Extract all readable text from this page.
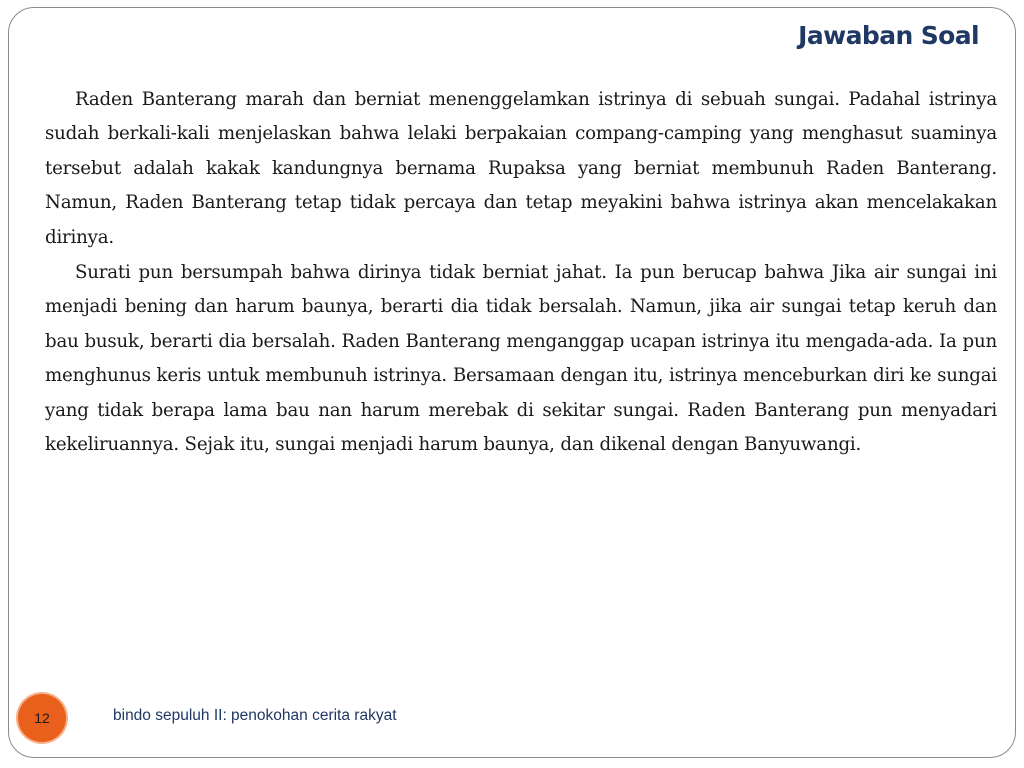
Jawaban Soal

Raden Banterang marah dan berniat menenggelamkan istrinya di sebuah sungai. Padahal istrinya sudah berkali-kali menjelaskan bahwa lelaki berpakaian compang-camping yang menghasut suaminya tersebut adalah kakak kandungnya bernama Rupaksa yang berniat membunuh Raden Banterang. Namun, Raden Banterang tetap tidak percaya dan tetap meyakini bahwa istrinya akan mencelakakan dirinya.

Surati pun bersumpah bahwa dirinya tidak berniat jahat. Ia pun berucap bahwa Jika air sungai ini menjadi bening dan harum baunya, berarti dia tidak bersalah. Namun, jika air sungai tetap keruh dan bau busuk, berarti dia bersalah. Raden Banterang menganggap ucapan istrinya itu mengada-ada. Ia pun menghunus keris untuk membunuh istrinya. Bersamaan dengan itu, istrinya menceburkan diri ke sungai yang tidak berapa lama bau nan harum merebak di sekitar sungai. Raden Banterang pun menyadari kekeliruannya. Sejak itu, sungai menjadi harum baunya, dan dikenal dengan Banyuwangi.

12	bindo sepuluh II: penokohan cerita rakyat
